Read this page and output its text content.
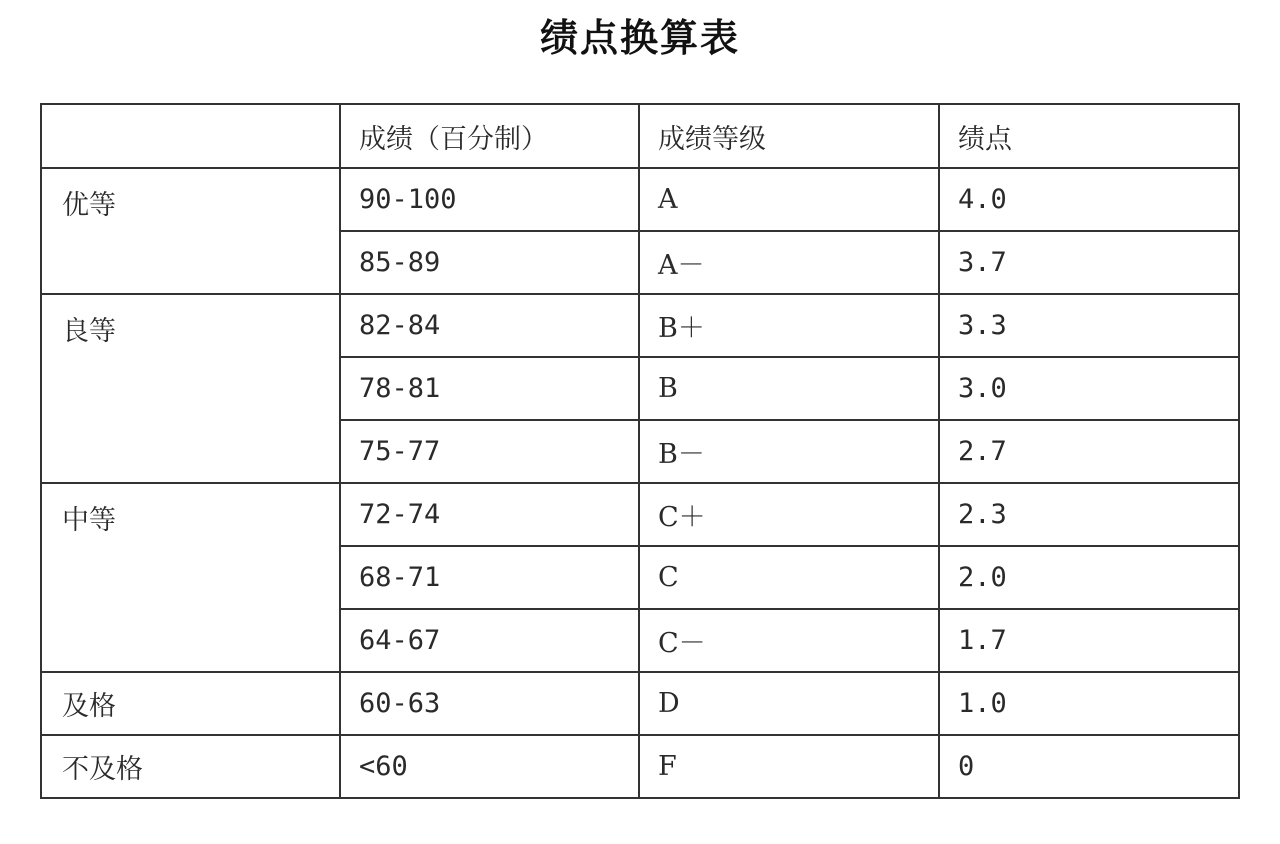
绩点换算表
	成绩（百分制）	成绩等级	绩点
优等	90-100	A	4.0
	85-89	A－	3.7
良等	82-84	B＋	3.3
	78-81	B	3.0
	75-77	B－	2.7
中等	72-74	C＋	2.3
	68-71	C	2.0
	64-67	C－	1.7
及格	60-63	D	1.0
不及格	<60	F	0
